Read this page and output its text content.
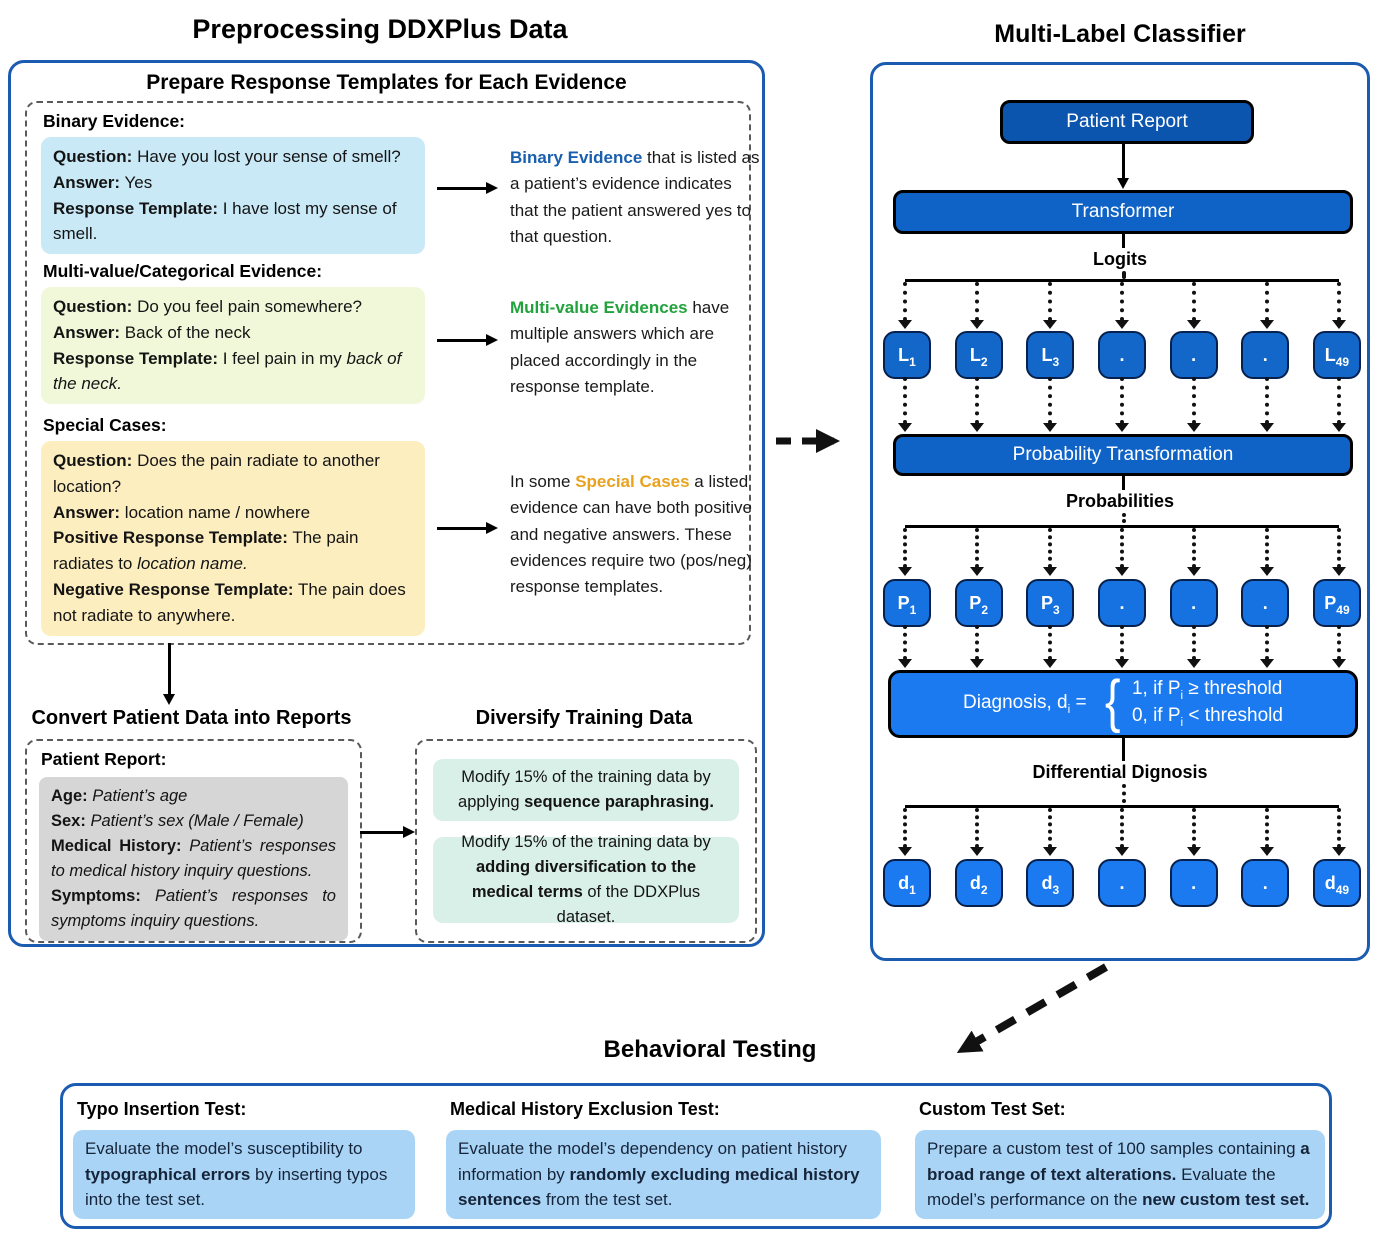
Preprocessing DDXPlus Data	Multi-Label Classifier
Prepare Response Templates for Each Evidence
Binary Evidence:
Question: Have you lost your sense of smell?
Answer: Yes
Response Template: I have lost my sense of smell.
Binary Evidence that is listed as a patient’s evidence indicates that the patient answered yes to that question.
Multi-value/Categorical Evidence:
Question: Do you feel pain somewhere?
Answer: Back of the neck
Response Template: I feel pain in my back of the neck.
Multi-value Evidences have multiple answers which are placed accordingly in the response template.
Special Cases:
Question: Does the pain radiate to another location?
Answer: location name / nowhere
Positive Response Template: The pain radiates to location name.
Negative Response Template: The pain does not radiate to anywhere.
In some Special Cases a listed evidence can have both positive and negative answers. These evidences require two (pos/neg) response templates.
Convert Patient Data into Reports	Diversify Training Data
Patient Report:
Age: Patient’s age
Sex: Patient’s sex (Male / Female)
Medical History: Patient’s responses to medical history inquiry questions.
Symptoms: Patient’s responses to symptoms inquiry questions.
Modify 15% of the training data by applying sequence paraphrasing.
Modify 15% of the training data by adding diversification to the medical terms of the DDXPlus dataset.
Patient Report
Transformer
Logits
L 1	L 2	L 3	.	.	.	L 49
Probability Transformation
Probabilities
P 1	P 2	P 3	.	.	.	P 49
Diagnosis, $d_i$ = { 1, if $P_i$ ≥ threshold
0, if $P_i$ < threshold
Differential Dignosis
d 1	d 2	d 3	.	.	.	d 49
Behavioral Testing
Typo Insertion Test:
Evaluate the model’s susceptibility to typographical errors by inserting typos into the test set.
Medical History Exclusion Test:
Evaluate the model’s dependency on patient history information by randomly excluding medical history sentences from the test set.
Custom Test Set:
Prepare a custom test of 100 samples containing a broad range of text alterations. Evaluate the model’s performance on the new custom test set.
